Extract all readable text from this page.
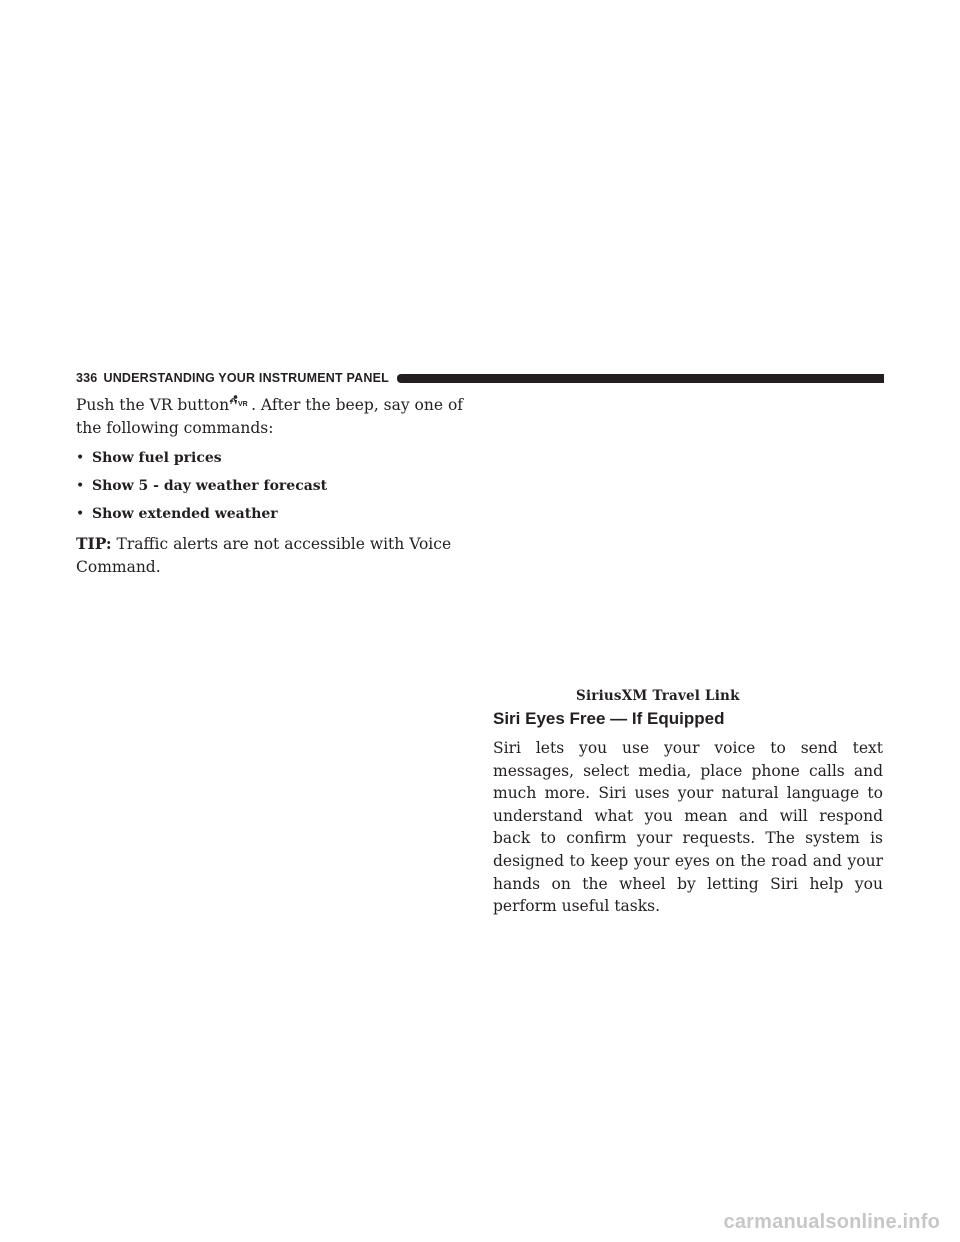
336 UNDERSTANDING YOUR INSTRUMENT PANEL

Push the VR button VR . After the beep, say one of the following commands:

• Show fuel prices
• Show 5 - day weather forecast
• Show extended weather

TIP: Traffic alerts are not accessible with Voice Command.

SiriusXM Travel Link
Siri Eyes Free — If Equipped

Siri lets you use your voice to send text messages, select media, place phone calls and much more. Siri uses your natural language to understand what you mean and will respond back to confirm your requests. The system is designed to keep your eyes on the road and your hands on the wheel by letting Siri help you perform useful tasks.

carmanualsonline.info
